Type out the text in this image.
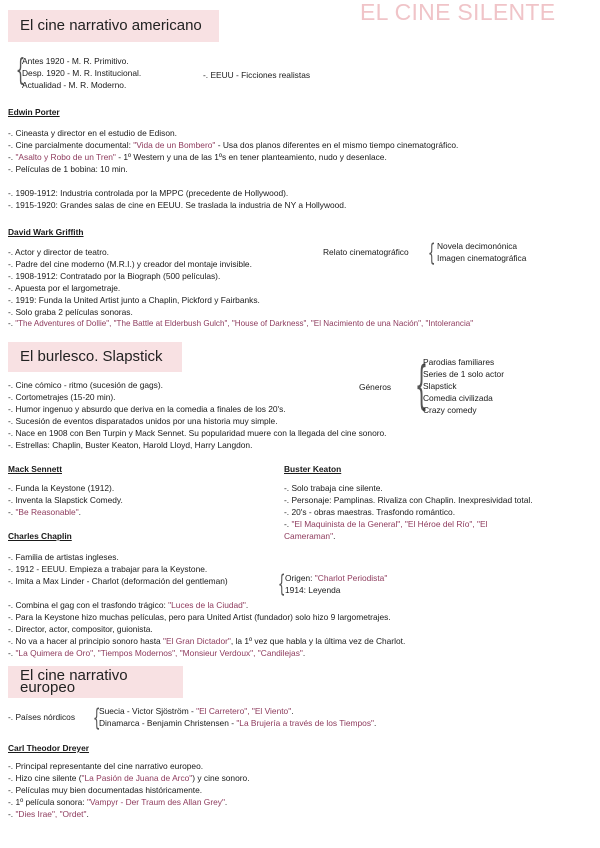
EL CINE SILENTE
El cine narrativo americano
{
Antes 1920 - M. R. Primitivo.
Desp. 1920 - M. R. Institucional.
Actualidad - M. R. Moderno.
-. EEUU - Ficciones realistas
Edwin Porter
-. Cineasta y director en el estudio de Edison.
-. Cine parcialmente documental: "Vida de un Bombero" - Usa dos planos diferentes en el mismo tiempo cinematográfico.
-. "Asalto y Robo de un Tren" - 1º Western y una de las 1ºs en tener planteamiento, nudo y desenlace.
-. Películas de 1 bobina: 10 min.
-. 1909-1912: Industria controlada por la MPPC (precedente de Hollywood).
-. 1915-1920: Grandes salas de cine en EEUU. Se traslada la industria de NY a Hollywood.
David Wark Griffith
-. Actor y director de teatro.
-. Padre del cine moderno (M.R.I.) y creador del montaje invisible.
-. 1908-1912: Contratado por la Biograph (500 películas).
-. Apuesta por el largometraje.
-. 1919: Funda la United Artist junto a Chaplin, Pickford y Fairbanks.
-. Solo graba 2 películas sonoras.
-. "The Adventures of Dollie", "The Battle at Elderbush Gulch", "House of Darkness", "El Nacimiento de una Nación", "Intolerancia"
Relato cinematográfico { Novela decimonónica
Imagen cinematográfica
El burlesco. Slapstick
Géneros {
Parodias familiares
Series de 1 solo actor
Slapstick
Comedia civilizada
Crazy comedy
-. Cine cómico - ritmo (sucesión de gags).
-. Cortometrajes (15-20 min).
-. Humor ingenuo y absurdo que deriva en la comedia a finales de los 20's.
-. Sucesión de eventos disparatados unidos por una historia muy simple.
-. Nace en 1908 con Ben Turpin y Mack Sennet. Su popularidad muere con la llegada del cine sonoro.
-. Estrellas: Chaplin, Buster Keaton, Harold Lloyd, Harry Langdon.
Mack Sennett
-. Funda la Keystone (1912).
-. Inventa la Slapstick Comedy.
-. "Be Reasonable".
Buster Keaton
-. Solo trabaja cine silente.
-. Personaje: Pamplinas. Rivaliza con Chaplin. Inexpresividad total.
-. 20's - obras maestras. Trasfondo romántico.
-. "El Maquinista de la General", "El Héroe del Río", "El
Cameraman".
Charles Chaplin
-. Familia de artistas ingleses.
-. 1912 - EEUU. Empieza a trabajar para la Keystone.
-. Imita a Max Linder - Charlot (deformación del gentleman) { Origen: "Charlot Periodista"
1914: Leyenda
-. Combina el gag con el trasfondo trágico: "Luces de la Ciudad".
-. Para la Keystone hizo muchas películas, pero para United Artist (fundador) solo hizo 9 largometrajes.
-. Director, actor, compositor, guionista.
-. No va a hacer al principio sonoro hasta "El Gran Dictador", la 1º vez que habla y la última vez de Charlot.
-. "La Quimera de Oro", "Tiempos Modernos", "Monsieur Verdoux", "Candilejas".
El cine narrativo europeo
-. Países nórdicos {
Suecia - Victor Sjöström - "El Carretero", "El Viento".
Dinamarca - Benjamin Christensen - "La Brujería a través de los Tiempos".
Carl Theodor Dreyer
-. Principal representante del cine narrativo europeo.
-. Hizo cine silente ("La Pasión de Juana de Arco") y cine sonoro.
-. Películas muy bien documentadas históricamente.
-. 1º película sonora: "Vampyr - Der Traum des Allan Grey".
-. "Dies Irae", "Ordet".
